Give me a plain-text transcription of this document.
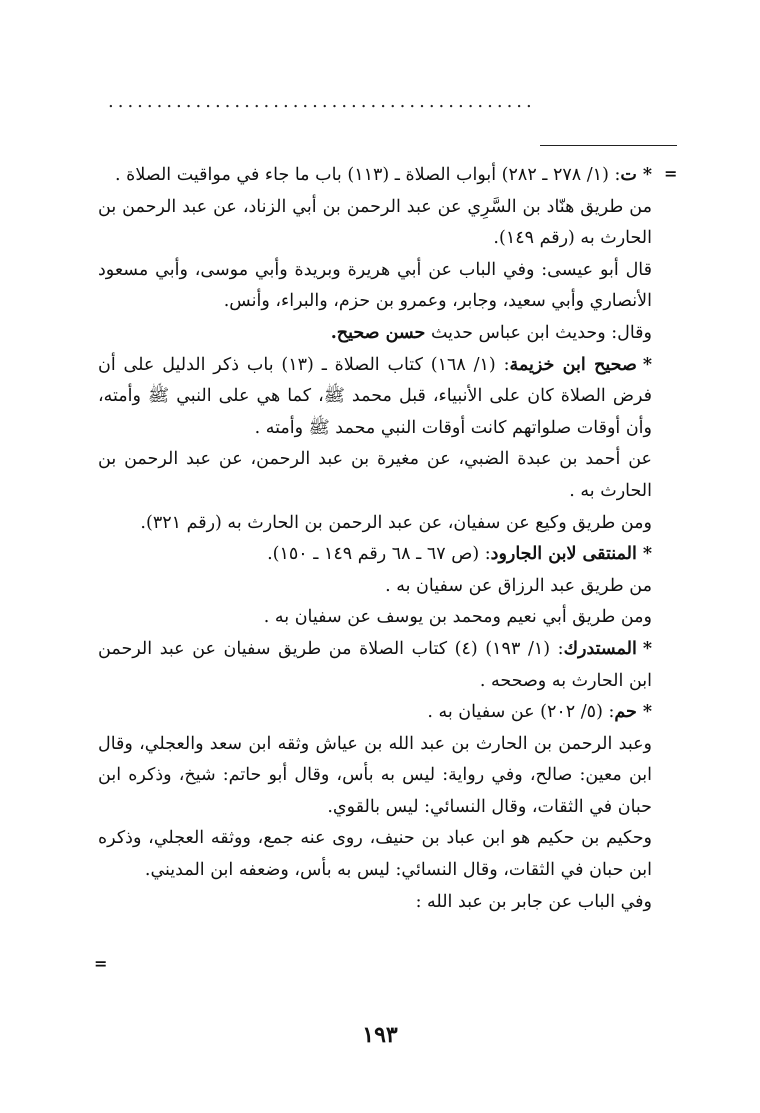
............................................
=

*ت: (١/ ٢٧٨ ـ ٢٨٢) أبواب الصلاة ـ (١١٣) باب ما جاء في مواقيت الصلاة .

من طريق هنّاد بن السَّرِي عن عبد الرحمن بن أبي الزناد، عن عبد الرحمن بن الحارث به (رقم ١٤٩).

قال أبو عيسى: وفي الباب عن أبي هريرة وبريدة وأبي موسى، وأبي مسعود الأنصاري وأبي سعيد، وجابر، وعمرو بن حزم، والبراء، وأنس.

وقال: وحديث ابن عباس حديث حسن صحيح.

*صحيح ابن خزيمة: (١/ ١٦٨) كتاب الصلاة ـ (١٣) باب ذكر الدليل على أن فرض الصلاة كان على الأنبياء، قبل محمد ﷺ، كما هي على النبي ﷺ وأمته، وأن أوقات صلواتهم كانت أوقات النبي محمد ﷺ وأمته .

عن أحمد بن عبدة الضبي، عن مغيرة بن عبد الرحمن، عن عبد الرحمن بن الحارث به .

ومن طريق وكيع عن سفيان، عن عبد الرحمن بن الحارث به (رقم ٣٢١).

*المنتقى لابن الجارود: (ص ٦٧ ـ ٦٨ رقم ١٤٩ ـ ١٥٠).

من طريق عبد الرزاق عن سفيان به .

ومن طريق أبي نعيم ومحمد بن يوسف عن سفيان به .

*المستدرك: (١/ ١٩٣) (٤) كتاب الصلاة من طريق سفيان عن عبد الرحمن ابن الحارث به وصححه .

*حم: (٥/ ٢٠٢) عن سفيان به .

وعبد الرحمن بن الحارث بن عبد الله بن عياش وثقه ابن سعد والعجلي، وقال ابن معين: صالح، وفي رواية: ليس به بأس، وقال أبو حاتم: شيخ، وذكره ابن حبان في الثقات، وقال النسائي: ليس بالقوي.

وحكيم بن حكيم هو ابن عباد بن حنيف، روى عنه جمع، ووثقه العجلي، وذكره ابن حبان في الثقات، وقال النسائي: ليس به بأس، وضعفه ابن المديني.

وفي الباب عن جابر بن عبد الله :

=
١٩٣
